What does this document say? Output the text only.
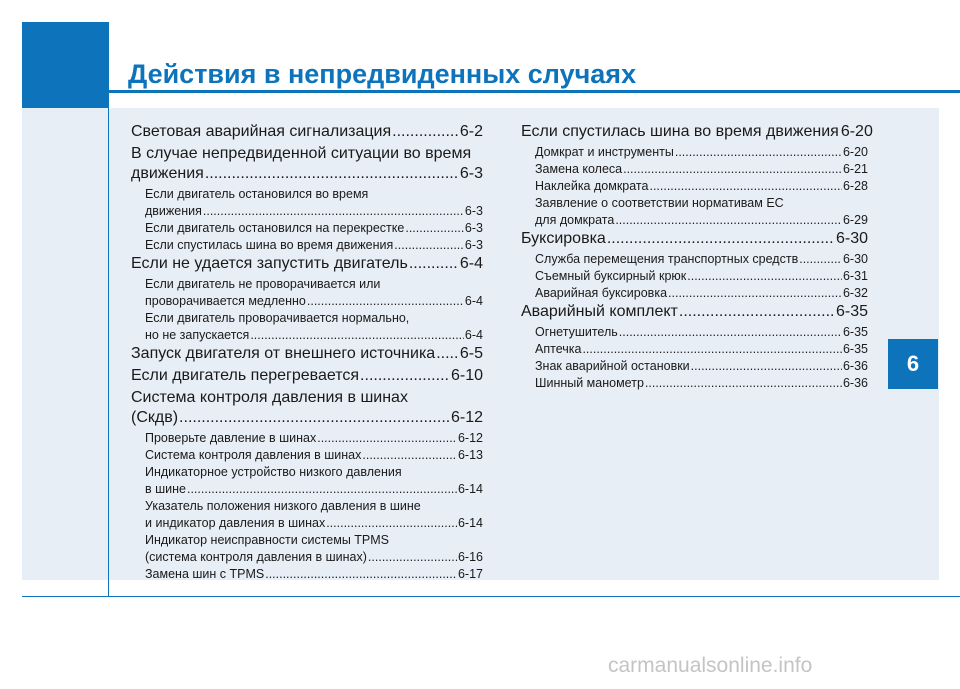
Действия в непредвиденных случаях
6
Световая аварийная сигнализация .....	6-2
В случае непредвиденной ситуации во время
движения .....	6-3
Если двигатель остановился во время
движения .....	6-3
Если двигатель остановился на перекрестке .....	6-3
Если спустилась шина во время движения .....	6-3
Если не удается запустить двигатель .....	6-4
Если двигатель не проворачивается или
проворачивается медленно .....	6-4
Если двигатель проворачивается нормально,
но не запускается .....	6-4
Запуск двигателя от внешнего источника ..... 6-5
Если двигатель перегревается .....	6-10
Система контроля давления в шинах
(Скдв) .....	6-12
Проверьте давление в шинах .....	6-12
Система контроля давления в шинах .....	6-13
Индикаторное устройство низкого давления
в шине .....	6-14
Указатель положения низкого давления в шине
и индикатор давления в шинах .....	6-14
Индикатор неисправности системы TPMS
(система контроля давления в шинах) .....	6-16
Замена шин с TPMS .....	6-17
Если спустилась шина во время движения 6-20
Домкрат и инструменты .....	6-20
Замена колеса .....	6-21
Наклейка домкрата .....	6-28
Заявление о соответствии нормативам ЕС
для домкрата .....	6-29
Буксировка .....	6-30
Служба перемещения транспортных средств .....	6-30
Съемный буксирный крюк .....	6-31
Аварийная буксировка .....	6-32
Аварийный комплект .....	6-35
Огнетушитель .....	6-35
Аптечка .....	6-35
Знак аварийной остановки .....	6-36
Шинный манометр .....	6-36
carmanualsonline.info
